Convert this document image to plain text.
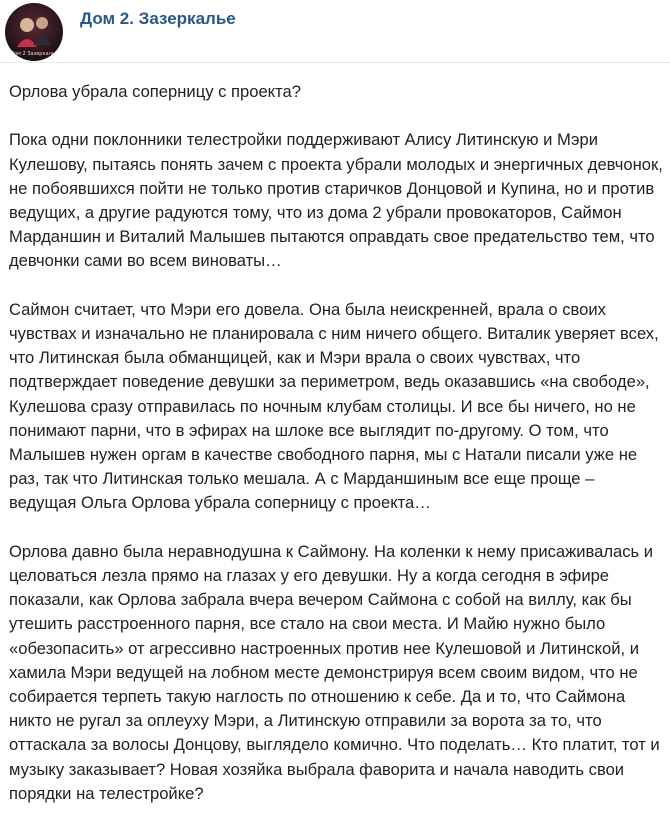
Дом 2 Зазеркалье
Дом 2. Зазеркалье

Орлова убрала соперницу с проекта?

Пока одни поклонники телестройки поддерживают Алису Литинскую и Мэри Кулешову, пытаясь понять зачем с проекта убрали молодых и энергичных девчонок, не побоявшихся пойти не только против старичков Донцовой и Купина, но и против ведущих, а другие радуются тому, что из дома 2 убрали провокаторов, Саймон Марданшин и Виталий Малышев пытаются оправдать свое предательство тем, что девчонки сами во всем виноваты…

Саймон считает, что Мэри его довела. Она была неискренней, врала о своих чувствах и изначально не планировала с ним ничего общего. Виталик уверяет всех, что Литинская была обманщицей, как и Мэри врала о своих чувствах, что подтверждает поведение девушки за периметром, ведь оказавшись «на свободе», Кулешова сразу отправилась по ночным клубам столицы. И все бы ничего, но не понимают парни, что в эфирах на шлоке все выглядит по-другому. О том, что Малышев нужен оргам в качестве свободного парня, мы с Натали писали уже не раз, так что Литинская только мешала. А с Марданшиным все еще проще – ведущая Ольга Орлова убрала соперницу с проекта…

Орлова давно была неравнодушна к Саймону. На коленки к нему присаживалась и целоваться лезла прямо на глазах у его девушки. Ну а когда сегодня в эфире показали, как Орлова забрала вчера вечером Саймона с собой на виллу, как бы утешить расстроенного парня, все стало на свои места. И Майю нужно было «обезопасить» от агрессивно настроенных против нее Кулешовой и Литинской, и хамила Мэри ведущей на лобном месте демонстрируя всем своим видом, что не собирается терпеть такую наглость по отношению к себе. Да и то, что Саймона никто не ругал за оплеуху Мэри, а Литинскую отправили за ворота за то, что оттаскала за волосы Донцову, выглядело комично. Что поделать… Кто платит, тот и музыку заказывает? Новая хозяйка выбрала фаворита и начала наводить свои порядки на телестройке?
